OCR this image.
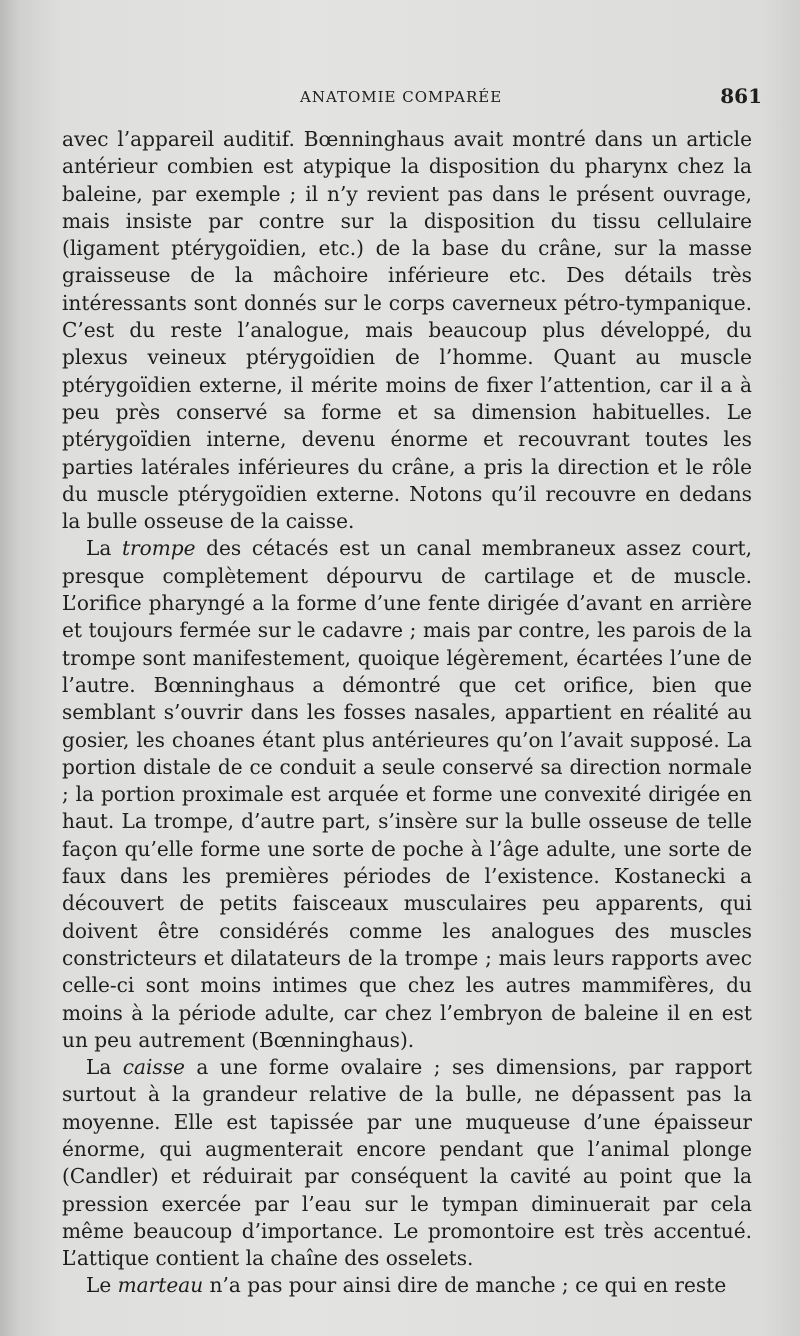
ANATOMIE COMPARÉE	861

avec l’appareil auditif. Bœnninghaus avait montré dans un article antérieur combien est atypique la disposition du pharynx chez la baleine, par exemple ; il n’y revient pas dans le présent ouvrage, mais insiste par contre sur la disposition du tissu cellulaire (ligament ptérygoïdien, etc.) de la base du crâne, sur la masse graisseuse de la mâchoire inférieure etc. Des détails très intéressants sont donnés sur le corps caverneux pétro-tympanique. C’est du reste l’analogue, mais beaucoup plus développé, du plexus veineux ptérygoïdien de l’homme. Quant au muscle ptérygoïdien externe, il mérite moins de fixer l’attention, car il a à peu près conservé sa forme et sa dimension habituelles. Le ptérygoïdien interne, devenu énorme et recouvrant toutes les parties latérales inférieures du crâne, a pris la direction et le rôle du muscle ptérygoïdien externe. Notons qu’il recouvre en dedans la bulle osseuse de la caisse.

La trompe des cétacés est un canal membraneux assez court, presque complètement dépourvu de cartilage et de muscle. L’orifice pharyngé a la forme d’une fente dirigée d’avant en arrière et toujours fermée sur le cadavre ; mais par contre, les parois de la trompe sont manifestement, quoique légèrement, écartées l’une de l’autre. Bœnninghaus a démontré que cet orifice, bien que semblant s’ouvrir dans les fosses nasales, appartient en réalité au gosier, les choanes étant plus antérieures qu’on l’avait supposé. La portion distale de ce conduit a seule conservé sa direction normale ; la portion proximale est arquée et forme une convexité dirigée en haut. La trompe, d’autre part, s’insère sur la bulle osseuse de telle façon qu’elle forme une sorte de poche à l’âge adulte, une sorte de faux dans les premières périodes de l’existence. Kostanecki a découvert de petits faisceaux musculaires peu apparents, qui doivent être considérés comme les analogues des muscles constricteurs et dilatateurs de la trompe ; mais leurs rapports avec celle-ci sont moins intimes que chez les autres mammifères, du moins à la période adulte, car chez l’embryon de baleine il en est un peu autrement (Bœnninghaus).

La caisse a une forme ovalaire ; ses dimensions, par rapport surtout à la grandeur relative de la bulle, ne dépassent pas la moyenne. Elle est tapissée par une muqueuse d’une épaisseur énorme, qui augmenterait encore pendant que l’animal plonge (Candler) et réduirait par conséquent la cavité au point que la pression exercée par l’eau sur le tympan diminuerait par cela même beaucoup d’importance. Le promontoire est très accentué. L’attique contient la chaîne des osselets.

Le marteau n’a pas pour ainsi dire de manche ; ce qui en reste
